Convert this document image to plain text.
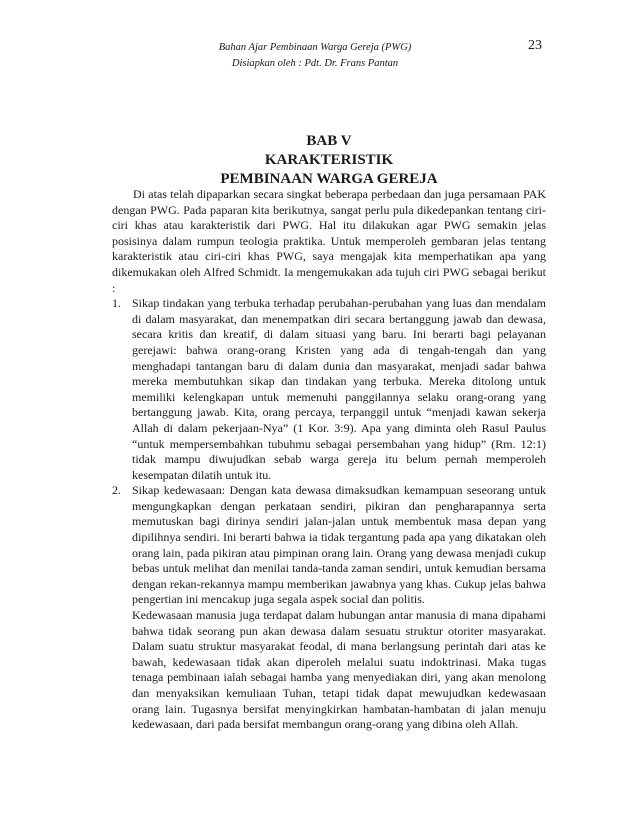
Bahan Ajar Pembinaan Warga Gereja (PWG)
Disiapkan oleh : Pdt. Dr. Frans Pantan
23
BAB V
KARAKTERISTIK
PEMBINAAN WARGA GEREJA

Di atas telah dipaparkan secara singkat beberapa perbedaan dan juga persamaan PAK dengan PWG. Pada paparan kita berikutnya, sangat perlu pula dikedepankan tentang ciri-ciri khas atau karakteristik dari PWG. Hal itu dilakukan agar PWG semakin jelas posisinya dalam rumpun teologia praktika. Untuk memperoleh gembaran jelas tentang karakteristik atau ciri-ciri khas PWG, saya mengajak kita memperhatikan apa yang dikemukakan oleh Alfred Schmidt. Ia mengemukakan ada tujuh ciri PWG sebagai berikut :

1. Sikap tindakan yang terbuka terhadap perubahan-perubahan yang luas dan mendalam di dalam masyarakat, dan menempatkan diri secara bertanggung jawab dan dewasa, secara kritis dan kreatif, di dalam situasi yang baru. Ini berarti bagi pelayanan gerejawi: bahwa orang-orang Kristen yang ada di tengah-tengah dan yang menghadapi tantangan baru di dalam dunia dan masyarakat, menjadi sadar bahwa mereka membutuhkan sikap dan tindakan yang terbuka. Mereka ditolong untuk memiliki kelengkapan untuk memenuhi panggilannya selaku orang-orang yang bertanggung jawab. Kita, orang percaya, terpanggil untuk “menjadi kawan sekerja Allah di dalam pekerjaan-Nya” (1 Kor. 3:9). Apa yang diminta oleh Rasul Paulus “untuk mempersembahkan tubuhmu sebagai persembahan yang hidup” (Rm. 12:1) tidak mampu diwujudkan sebab warga gereja itu belum pernah memperoleh kesempatan dilatih untuk itu.

2. Sikap kedewasaan: Dengan kata dewasa dimaksudkan kemampuan seseorang untuk mengungkapkan dengan perkataan sendiri, pikiran dan pengharapannya serta memutuskan bagi dirinya sendiri jalan-jalan untuk membentuk masa depan yang dipilihnya sendiri. Ini berarti bahwa ia tidak tergantung pada apa yang dikatakan oleh orang lain, pada pikiran atau pimpinan orang lain. Orang yang dewasa menjadi cukup bebas untuk melihat dan menilai tanda-tanda zaman sendiri, untuk kemudian bersama dengan rekan-rekannya mampu memberikan jawabnya yang khas. Cukup jelas bahwa pengertian ini mencakup juga segala aspek social dan politis.

Kedewasaan manusia juga terdapat dalam hubungan antar manusia di mana dipahami bahwa tidak seorang pun akan dewasa dalam sesuatu struktur otoriter masyarakat. Dalam suatu struktur masyarakat feodal, di mana berlangsung perintah dari atas ke bawah, kedewasaan tidak akan diperoleh melalui suatu indoktrinasi. Maka tugas tenaga pembinaan ialah sebagai hamba yang menyediakan diri, yang akan menolong dan menyaksikan kemuliaan Tuhan, tetapi tidak dapat mewujudkan kedewasaan orang lain. Tugasnya bersifat menyingkirkan hambatan-hambatan di jalan menuju kedewasaan, dari pada bersifat membangun orang-orang yang dibina oleh Allah.
